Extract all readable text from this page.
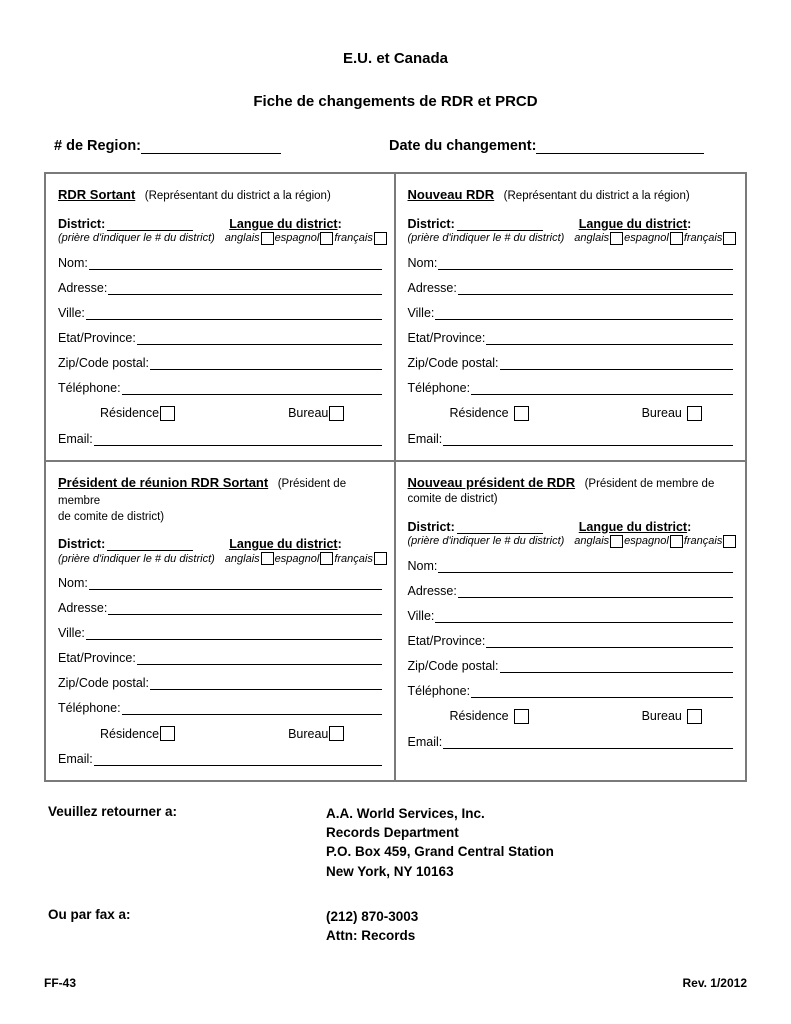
E.U. et Canada
Fiche de changements de RDR et PRCD
# de Region:	Date du changement:
RDR Sortant (Représentant du district a la région)
District:	Langue du district :
(prière d'indiquer le # du district) anglais espagnol français
Nom:
Adresse:
Ville:
Etat/Province:
Zip/Code postal:
Téléphone:
Résidence	Bureau
Email:
Nouveau RDR (Représentant du district a la région)
District:	Langue du district :
(prière d'indiquer le # du district) anglais espagnol français
Nom:
Adresse:
Ville:
Etat/Province:
Zip/Code postal:
Téléphone:
Résidence	Bureau
Email:
Président de réunion RDR Sortant (Président de membre
de comite de district)
District:	Langue du district :
(prière d'indiquer le # du district) anglais espagnol français
Nom:
Adresse:
Ville:
Etat/Province:
Zip/Code postal:
Téléphone:
Résidence	Bureau
Email:
Nouveau président de RDR (Président de membre de
comite de district)
District:	Langue du district :
(prière d'indiquer le # du district) anglais espagnol français
Nom:
Adresse:
Ville:
Etat/Province:
Zip/Code postal:
Téléphone:
Résidence	Bureau
Email:
Veuillez retourner a:	A.A. World Services, Inc.
Records Department
P.O. Box 459, Grand Central Station
New York, NY 10163
Ou par fax a:	(212) 870-3003
Attn: Records
FF-43	Rev. 1/2012
